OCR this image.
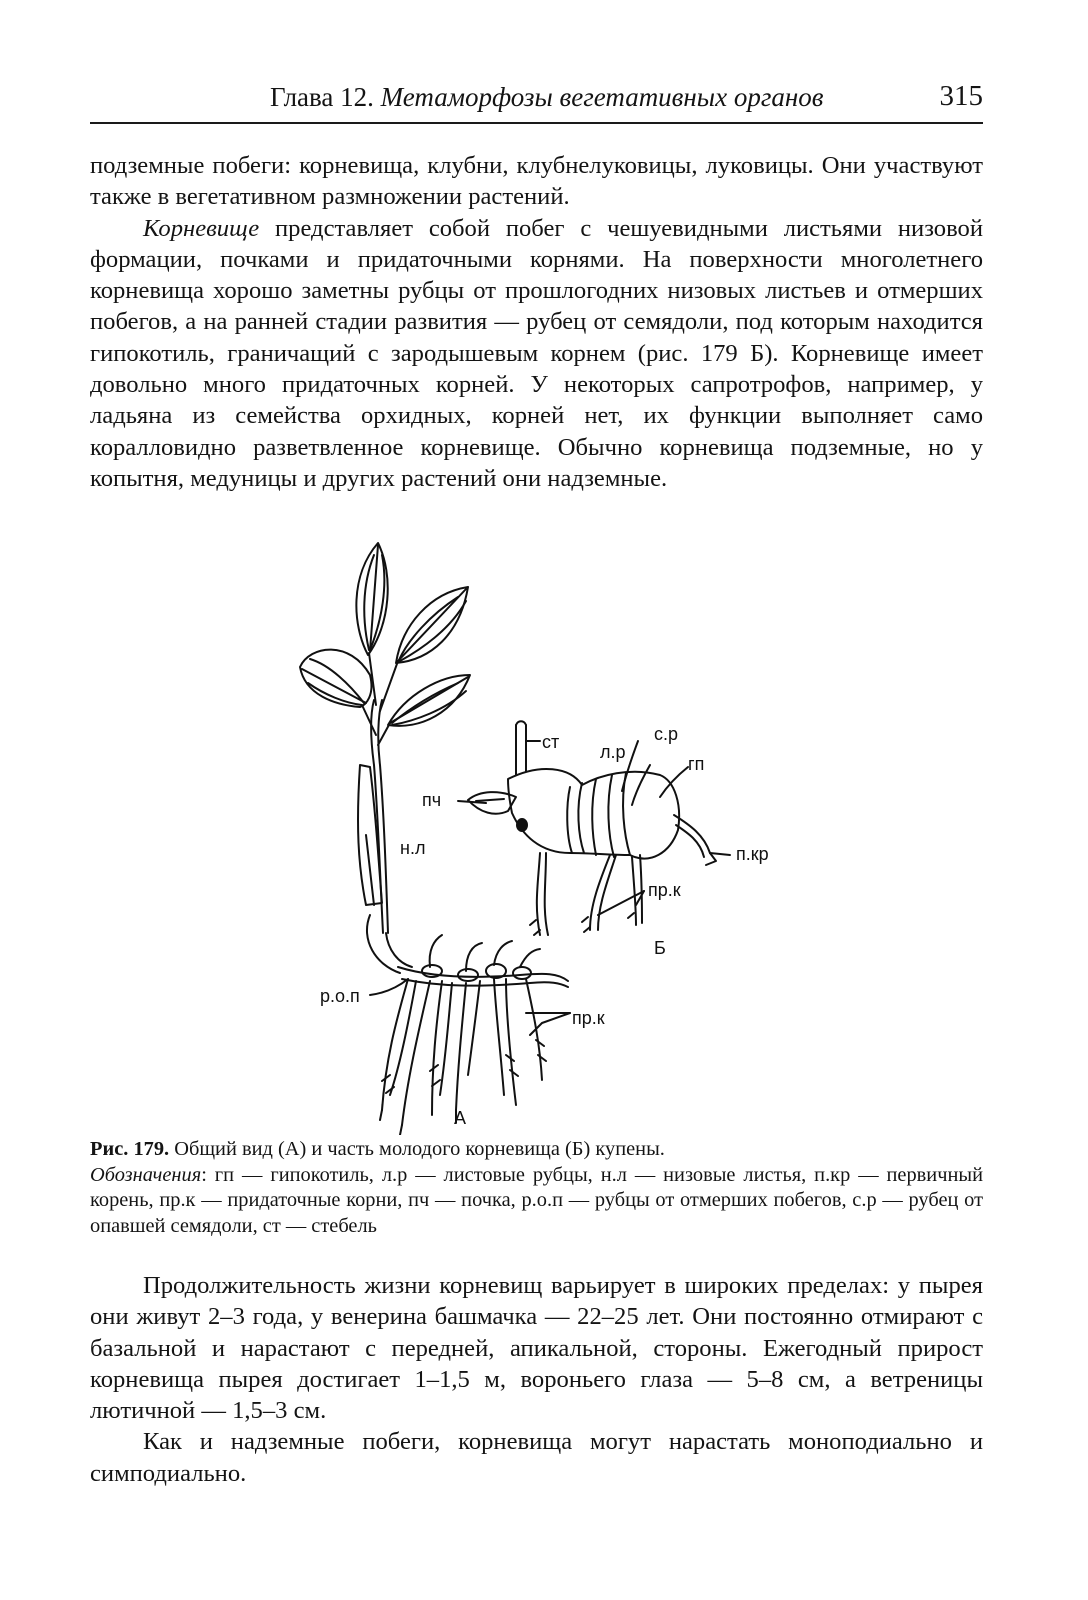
Глава 12. Метаморфозы вегетативных органов	315

подземные побеги: корневища, клубни, клубнелуковицы, луковицы. Они участвуют также в вегетативном размножении растений.

Корневище представляет собой побег с чешуевидными листьями низовой формации, почками и придаточными корнями. На поверхности многолетнего корневища хорошо заметны рубцы от прошлогодних низовых листьев и отмерших побегов, а на ранней стадии развития — рубец от семядоли, под которым находится гипокотиль, граничащий с зародышевым корнем (рис. 179 Б). Корневище имеет довольно много придаточных корней. У некоторых сапротрофов, например, у ладьяна из семейства орхидных, корней нет, их функции выполняет само коралловидно разветвленное корневище. Обычно корневища подземные, но у копытня, медуницы и других растений они надземные.

ст	с.р
л.р
гп
пч
н.л	п.кр
пр.к
Б
р.о.п
пр.к
А

Рис. 179. Общий вид (А) и часть молодого корневища (Б) купены.

Обозначения: гп — гипокотиль, л.р — листовые рубцы, н.л — низовые листья, п.кр — первичный корень, пр.к — придаточные корни, пч — почка, р.о.п — рубцы от отмерших побегов, с.р — рубец от опавшей семядоли, ст — стебель

Продолжительность жизни корневищ варьирует в широких пределах: у пырея они живут 2–3 года, у венерина башмачка — 22–25 лет. Они постоянно отмирают с базальной и нарастают с передней, апикальной, стороны. Ежегодный прирост корневища пырея достигает 1–1,5 м, вороньего глаза — 5–8 см, а ветреницы лютичной — 1,5–3 см.

Как и надземные побеги, корневища могут нарастать моноподиально и симподиально.
